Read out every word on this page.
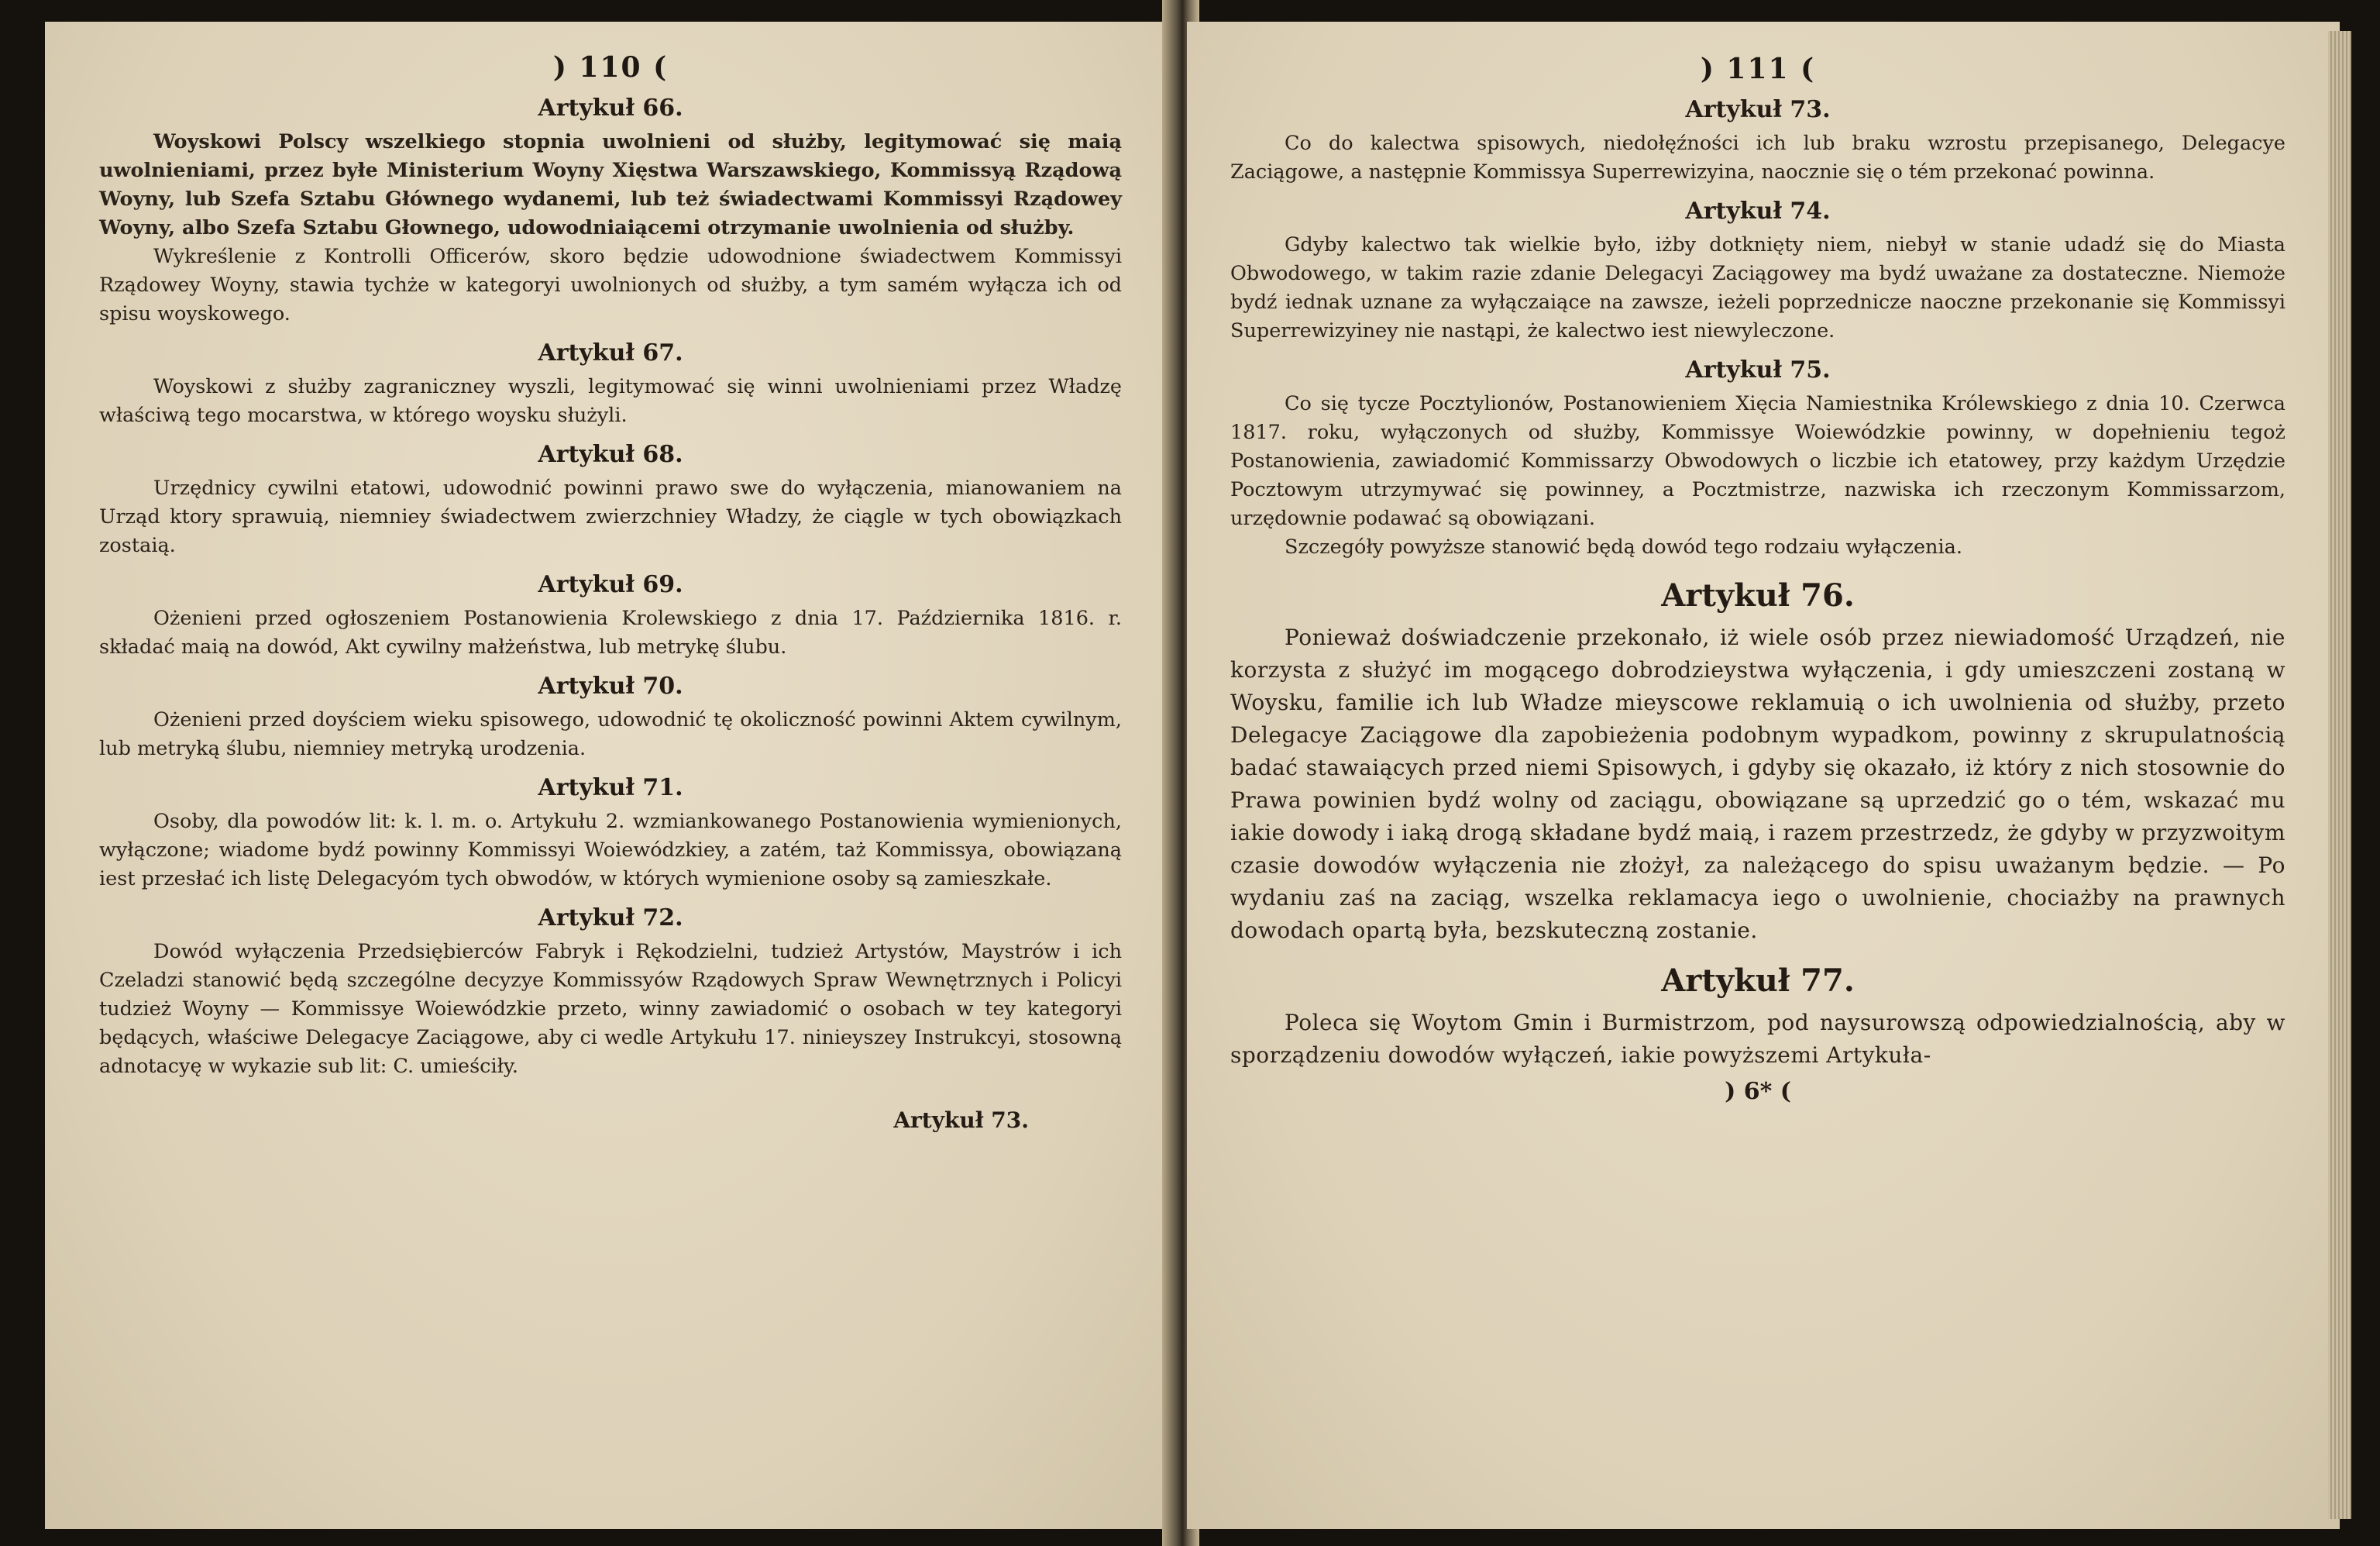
) 110 (
Artykuł 66.

Woyskowi Polscy wszelkiego stopnia uwolnieni od służby, legitymować się maią uwolnieniami, przez byłe Ministerium Woyny Xięstwa Warszawskiego, Kommissyą Rządową Woyny, lub Szefa Sztabu Głównego wydanemi, lub też świadectwami Kommissyi Rządowey Woyny, albo Szefa Sztabu Głownego, udowodniaiącemi otrzymanie uwolnienia od służby.

Wykreślenie z Kontrolli Officerów, skoro będzie udowodnione świadectwem Kommissyi Rządowey Woyny, stawia tychże w kategoryi uwolnionych od służby, a tym samém wyłącza ich od spisu woyskowego.

Artykuł 67.

Woyskowi z służby zagraniczney wyszli, legitymować się winni uwolnieniami przez Władzę właściwą tego mocarstwa, w którego woysku służyli.

Artykuł 68.

Urzędnicy cywilni etatowi, udowodnić powinni prawo swe do wyłączenia, mianowaniem na Urząd ktory sprawuią, niemniey świadectwem zwierzchniey Władzy, że ciągle w tych obowiązkach zostaią.

Artykuł 69.

Ożenieni przed ogłoszeniem Postanowienia Krolewskiego z dnia 17. Października 1816. r. składać maią na dowód, Akt cywilny małżeństwa, lub metrykę ślubu.

Artykuł 70.

Ożenieni przed doyściem wieku spisowego, udowodnić tę okoliczność powinni Aktem cywilnym, lub metryką ślubu, niemniey metryką urodzenia.

Artykuł 71.

Osoby, dla powodów lit: k. l. m. o. Artykułu 2. wzmiankowanego Postanowienia wymienionych, wyłączone; wiadome bydź powinny Kommissyi Woiewódzkiey, a zatém, taż Kommissya, obowiązaną iest przesłać ich listę Delegacyóm tych obwodów, w których wymienione osoby są zamieszkałe.

Artykuł 72.

Dowód wyłączenia Przedsiębierców Fabryk i Rękodzielni, tudzież Artystów, Maystrów i ich Czeladzi stanowić będą szczególne decyzye Kommissyów Rządowych Spraw Wewnętrznych i Policyi tudzież Woyny — Kommissye Woiewódzkie przeto, winny zawiadomić o osobach w tey kategoryi będących, właściwe Delegacye Zaciągowe, aby ci wedle Artykułu 17. ninieyszey Instrukcyi, stosowną adnotacyę w wykazie sub lit: C. umieściły.

Artykuł 73.
) 111 (
Artykuł 73.

Co do kalectwa spisowych, niedołęźności ich lub braku wzrostu przepisanego, Delegacye Zaciągowe, a następnie Kommissya Superrewizyina, naocznie się o tém przekonać powinna.

Artykuł 74.

Gdyby kalectwo tak wielkie było, iżby dotknięty niem, niebył w stanie udadź się do Miasta Obwodowego, w takim razie zdanie Delegacyi Zaciągowey ma bydź uważane za dostateczne. Niemoże bydź iednak uznane za wyłączaiące na zawsze, ieżeli poprzednicze naoczne przekonanie się Kommissyi Superrewizyiney nie nastąpi, że kalectwo iest niewyleczone.

Artykuł 75.

Co się tycze Pocztylionów, Postanowieniem Xięcia Namiestnika Królewskiego z dnia 10. Czerwca 1817. roku, wyłączonych od służby, Kommissye Woiewódzkie powinny, w dopełnieniu tegoż Postanowienia, zawiadomić Kommissarzy Obwodowych o liczbie ich etatowey, przy każdym Urzędzie Pocztowym utrzymywać się powinney, a Pocztmistrze, nazwiska ich rzeczonym Kommissarzom, urzędownie podawać są obowiązani.

Szczegóły powyższe stanowić będą dowód tego rodzaiu wyłączenia.

Artykuł 76.

Ponieważ doświadczenie przekonało, iż wiele osób przez niewiadomość Urządzeń, nie korzysta z służyć im mogącego dobrodzieystwa wyłączenia, i gdy umieszczeni zostaną w Woysku, familie ich lub Władze mieyscowe reklamuią o ich uwolnienia od służby, przeto Delegacye Zaciągowe dla zapobieżenia podobnym wypadkom, powinny z skrupulatnością badać stawaiących przed niemi Spisowych, i gdyby się okazało, iż który z nich stosownie do Prawa powinien bydź wolny od zaciągu, obowiązane są uprzedzić go o tém, wskazać mu iakie dowody i iaką drogą składane bydź maią, i razem przestrzedz, że gdyby w przyzwoitym czasie dowodów wyłączenia nie złożył, za należącego do spisu uważanym będzie. — Po wydaniu zaś na zaciąg, wszelka reklamacya iego o uwolnienie, chociażby na prawnych dowodach opartą była, bezskuteczną zostanie.

Artykuł 77.

Poleca się Woytom Gmin i Burmistrzom, pod naysurowszą odpowiedzialnością, aby w sporządzeniu dowodów wyłączeń, iakie powyższemi Artykuła-

) 6* (
